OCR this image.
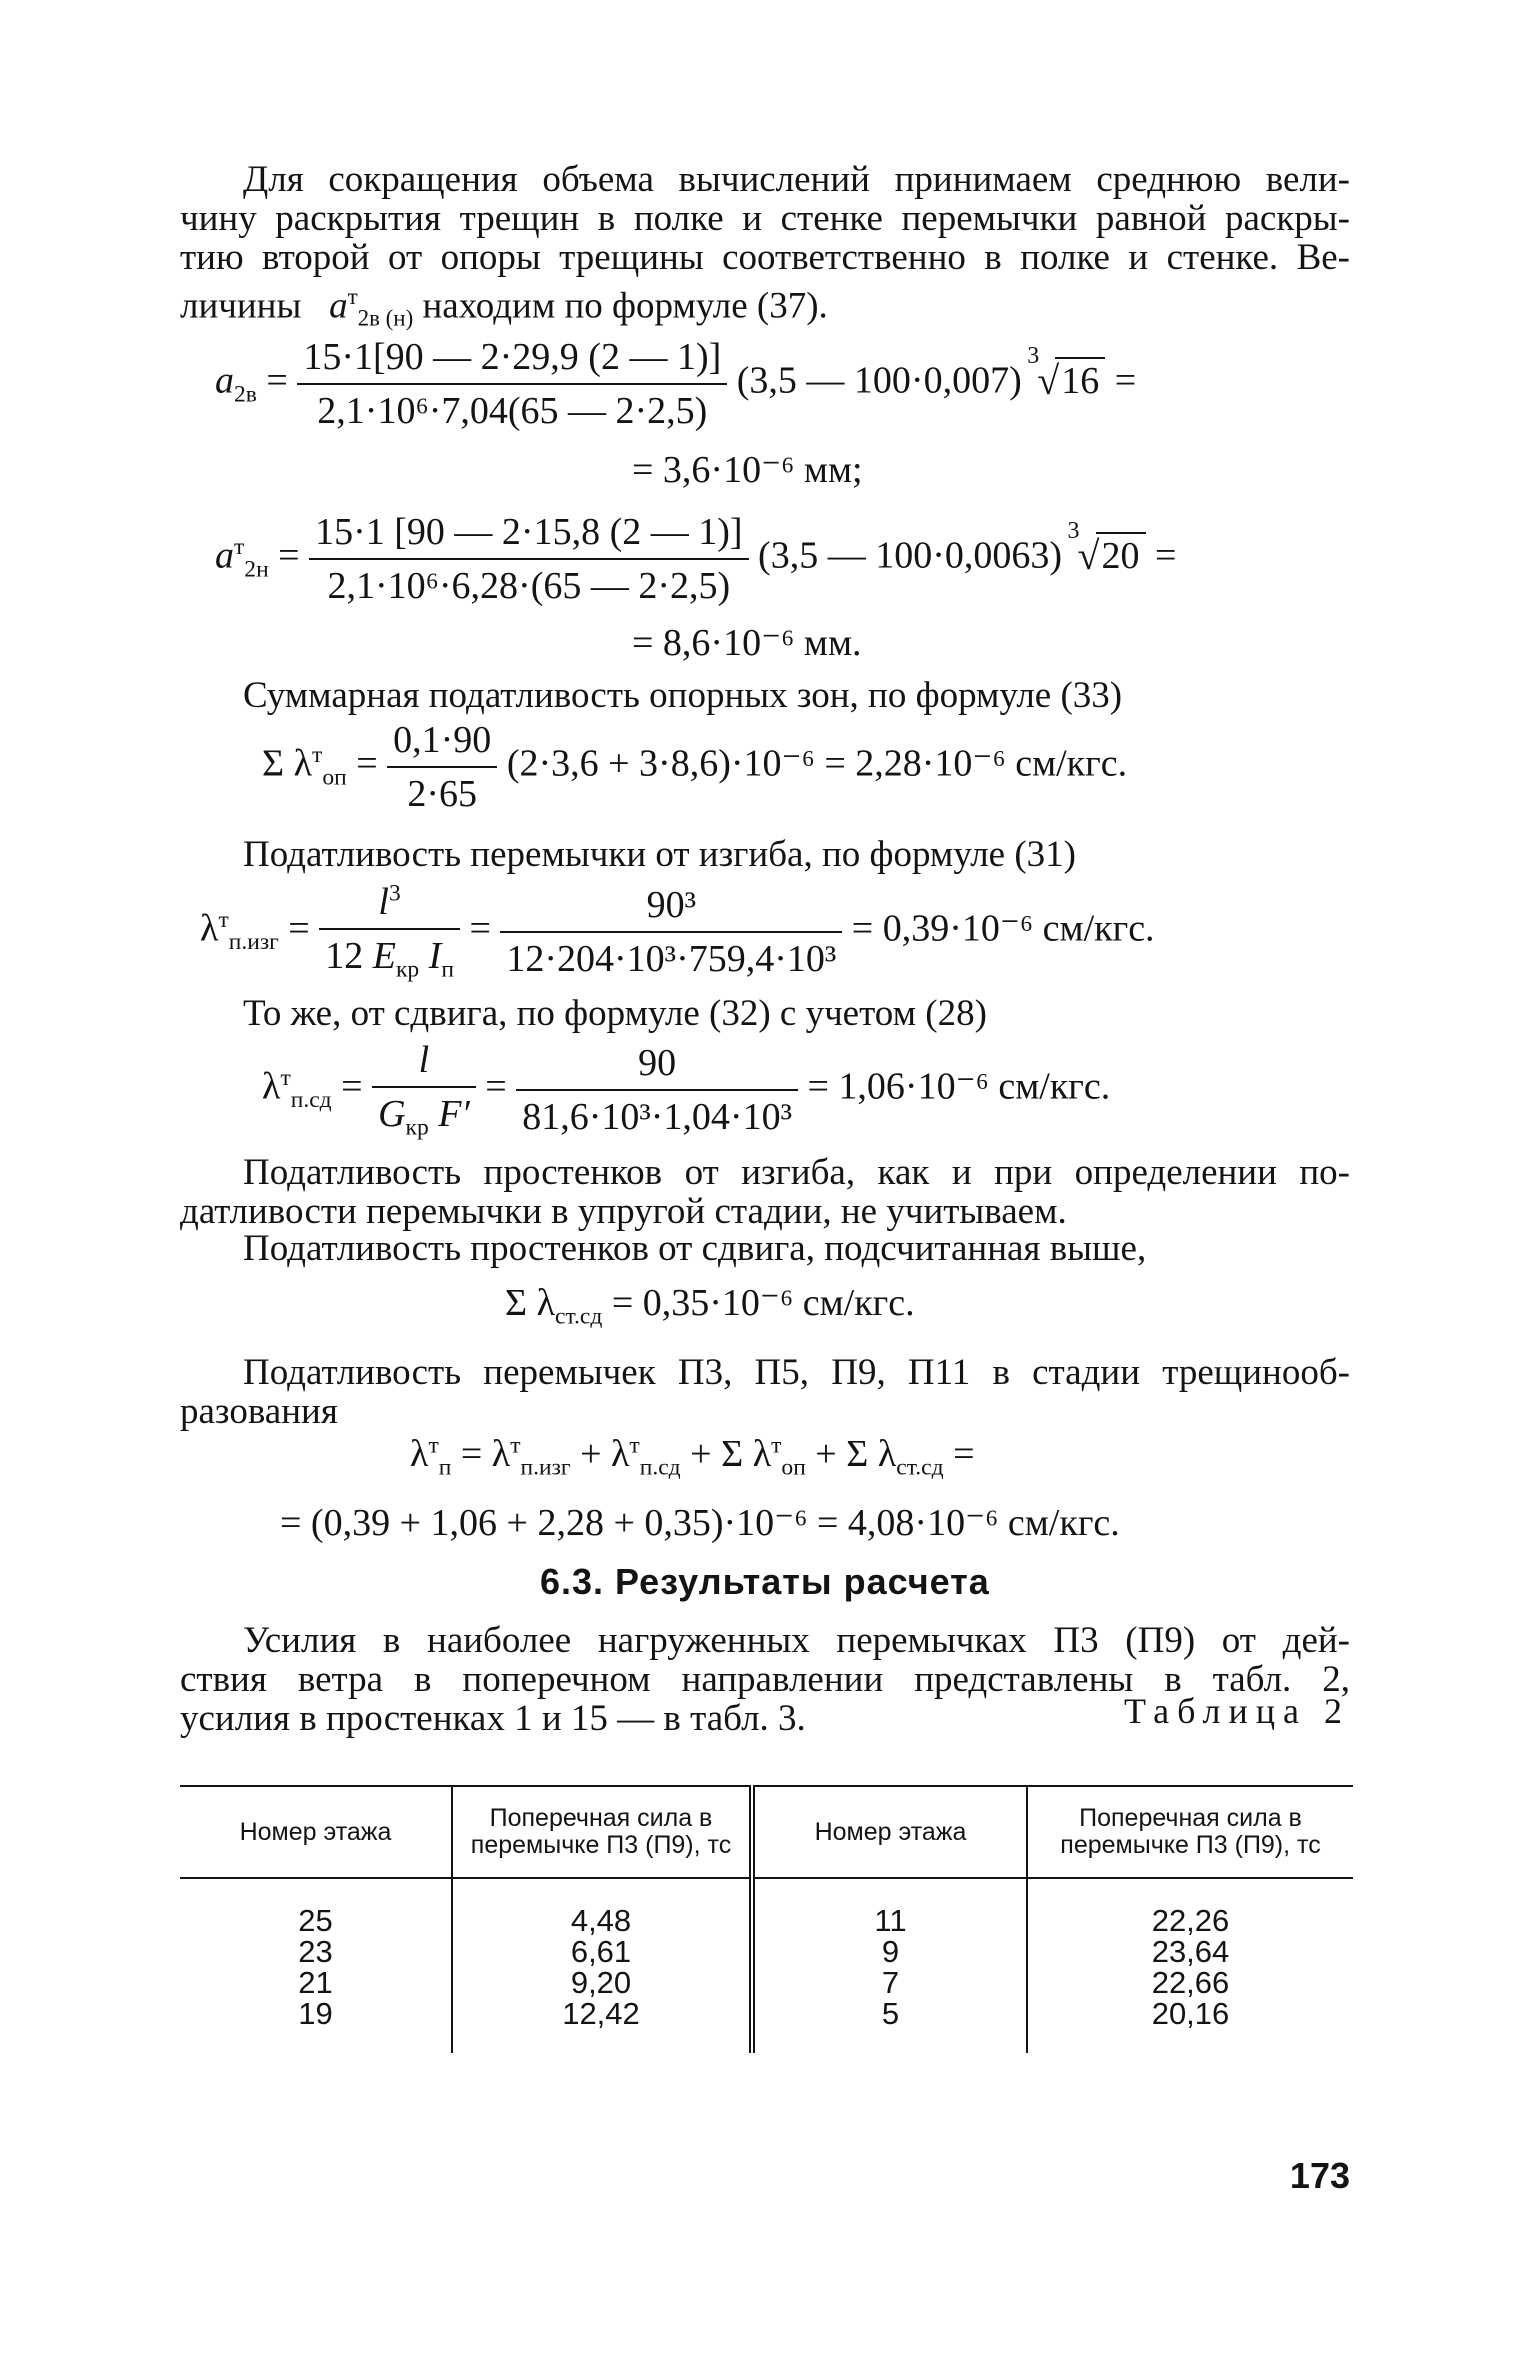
Для сокращения объема вычислений принимаем среднюю вели-
чину раскрытия трещин в полке и стенке перемычки равной раскры-
тию второй от опоры трещины соответственно в полке и стенке. Ве-
личины $a^т_{2в (н)}$ находим по формуле (37).
$a_{2в} = \frac{15\cdot 1[90 — 2\cdot 29,9 (2 — 1)]}{\text{2,1·10⁶·7,04(65 — 2·2,5)}} (3,5$ — 100·0,007)
3
√ 16 =
= 3,6·10⁻⁶ мм;
$a^т_{2н} = \frac{15\cdot 1 [90 — 2\cdot 15,8 (2 — 1)]}{\text{2,1·10⁶·6,28·(65 — 2·2,5)}} (3,5$ — 100·0,0063)
3
√ 20 =
= 8,6·10⁻⁶ мм.
Суммарная податливость опорных зон, по формуле (33)
Σ $\lambda^т_{оп} = \frac{0,1\cdot 90}{2\cdot 65} (2\cdot 3,6 + 3\cdot 8,6)\cdot 10^{-6} = 2,28\cdot 10^{-6}$ см/кгс.
Податливость перемычки от изгиба, по формуле (31)
$\lambda^т_{п.изг} = \frac{l^3}{12 E_{кр} I_п} = \frac{\text{90³}}{\text{12·204·10³·759,4·10³}} = 0,39\cdot 10^{-6}$ см/кгс.
То же, от сдвига, по формуле (32) с учетом (28)
$\lambda^т_{п.сд} = \frac{l}{G_{кр} F'} = \frac{90}{\text{81,6·10³·1,04·10³}} = 1,06\cdot 10^{-6}$ см/кгс.
Податливость простенков от изгиба, как и при определении по-
датливости перемычки в упругой стадии, не учитываем.
Податливость простенков от сдвига, подсчитанная выше,
Σ $\lambda_{ст.сд} = 0,35\cdot 10^{-6}$ см/кгс.
Податливость перемычек П3, П5, П9, П11 в стадии трещинооб-
разования
$\lambda^т_п = \lambda^т_{п.изг} + \lambda^т_{п.сд} + \Sigma$ $\lambda^т_{оп} + \Sigma$ $\lambda_{ст.сд}$ =
= (0,39 + 1,06 + 2,28 + 0,35)·10⁻⁶ = 4,08·10⁻⁶ см/кгс.
6.3. Результаты расчета
Усилия в наиболее нагруженных перемычках П3 (П9) от дей-
ствия ветра в поперечном направлении представлены в табл. 2,
усилия в простенках 1 и 15 — в табл. 3.	Таблица 2
Номер этажа	Поперечная сила в перемычке П3 (П9), тс	Номер этажа	Поперечная сила в перемычке П3 (П9), тс
25	4,48	11	22,26
23	6,61	9	23,64
21	9,20	7	22,66
19	12,42	5	20,16
173
